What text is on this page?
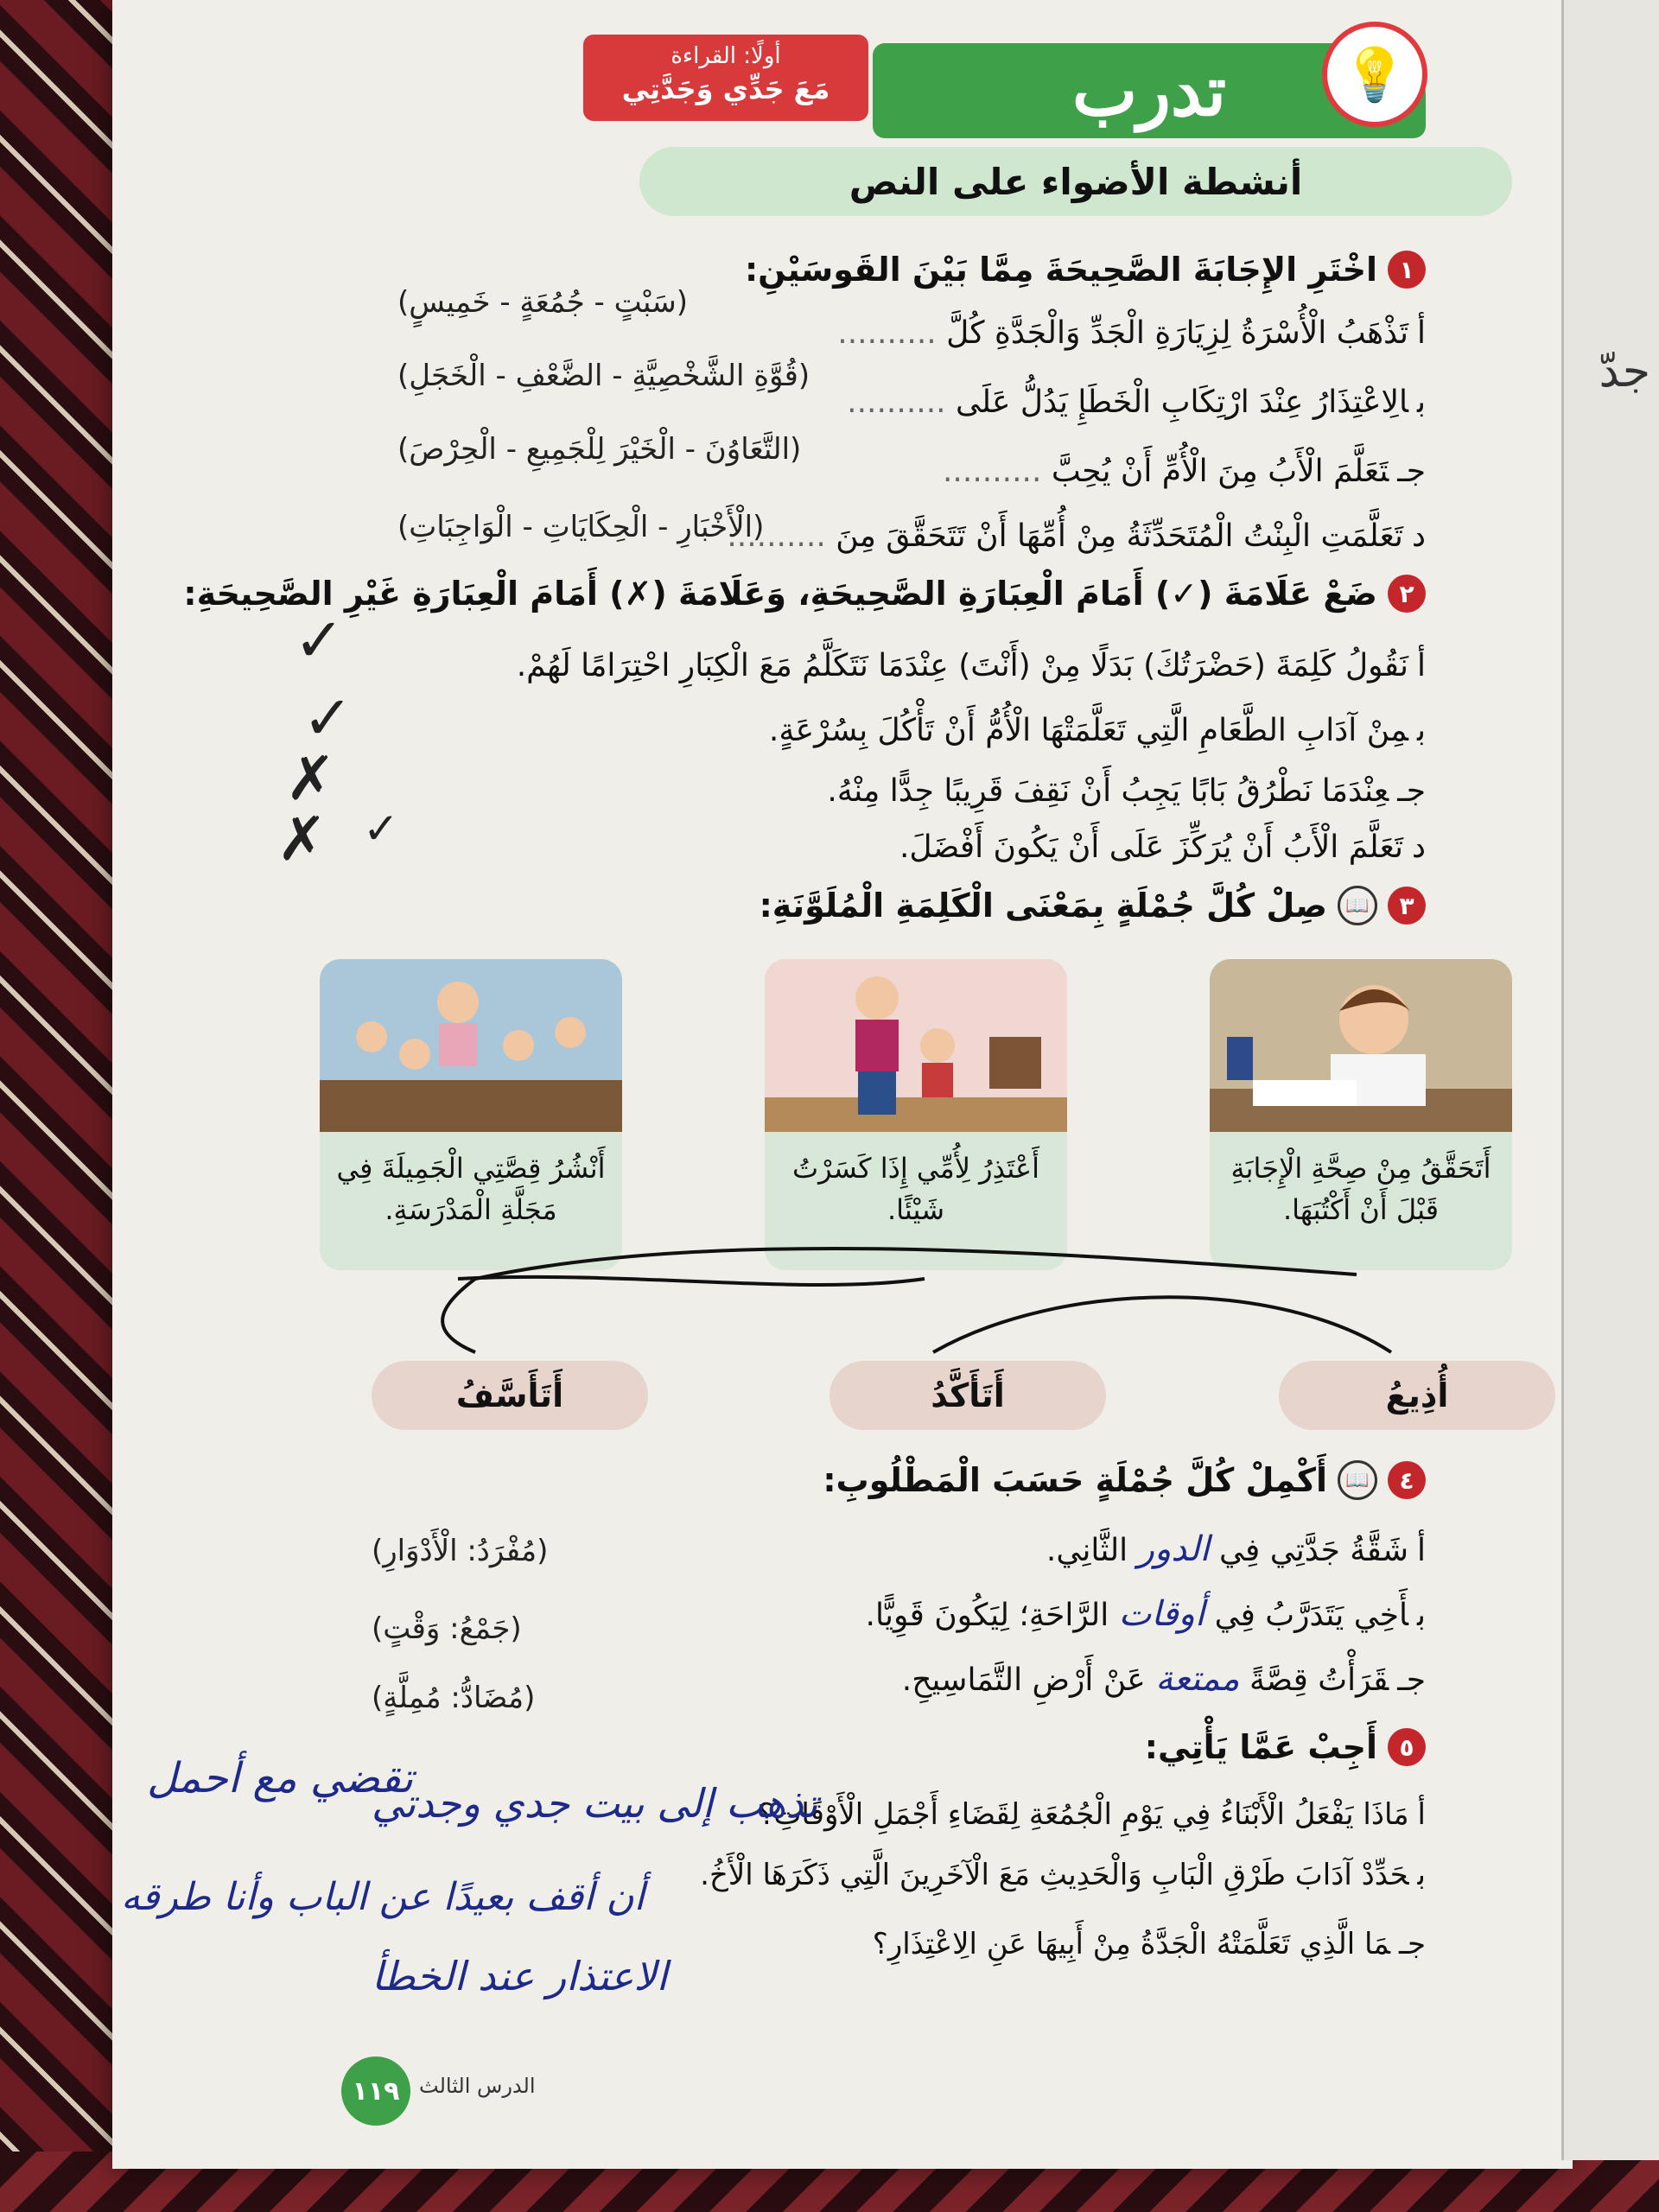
أولًا: القراءة
مَعَ جَدِّي وَجَدَّتِي	تدرب	💡
أنشطة الأضواء على النص
١
اخْتَرِ الإِجَابَةَ الصَّحِيحَةَ مِمَّا بَيْنَ القَوسَيْنِ:
أتَذْهَبُ الْأُسْرَةُ لِزِيَارَةِ الْجَدِّ وَالْجَدَّةِ كُلَّ ..........
(سَبْتٍ - جُمُعَةٍ - خَمِيسٍ)
بالِاعْتِذَارُ عِنْدَ ارْتِكَابِ الْخَطَإِ يَدُلُّ عَلَى ..........
(قُوَّةِ الشَّخْصِيَّةِ - الضَّعْفِ - الْخَجَلِ)
جـتَعَلَّمَ الْأَبُ مِنَ الْأُمِّ أَنْ يُحِبَّ ..........
(التَّعَاوُنَ - الْخَيْرَ لِلْجَمِيعِ - الْحِرْصَ)
دتَعَلَّمَتِ الْبِنْتُ الْمُتَحَدِّثَةُ مِنْ أُمِّهَا أَنْ تَتَحَقَّقَ مِنَ ..........
(الْأَخْبَارِ - الْحِكَايَاتِ - الْوَاجِبَاتِ)
٢
ضَعْ عَلَامَةَ (✓) أَمَامَ الْعِبَارَةِ الصَّحِيحَةِ، وَعَلَامَةَ (✗) أَمَامَ الْعِبَارَةِ غَيْرِ الصَّحِيحَةِ:
أنَقُولُ كَلِمَةَ (حَضْرَتُكَ) بَدَلًا مِنْ (أَنْتَ) عِنْدَمَا نَتَكَلَّمُ مَعَ الْكِبَارِ احْتِرَامًا لَهُمْ.
بمِنْ آدَابِ الطَّعَامِ الَّتِي تَعَلَّمَتْهَا الْأُمُّ أَنْ تَأْكُلَ بِسُرْعَةٍ.
جـعِنْدَمَا نَطْرُقُ بَابًا يَجِبُ أَنْ نَقِفَ قَرِيبًا جِدًّا مِنْهُ.
دتَعَلَّمَ الْأَبُ أَنْ يُرَكِّزَ عَلَى أَنْ يَكُونَ أَفْضَلَ.
✓
✓
✗
✗ ✓
٣
📖
صِلْ كُلَّ جُمْلَةٍ بِمَعْنَى الْكَلِمَةِ الْمُلَوَّنَةِ:
أَتَحَقَّقُ مِنْ صِحَّةِ الْإِجَابَةِ قَبْلَ أَنْ أَكْتُبَهَا.
أَعْتَذِرُ لِأُمِّي إِذَا كَسَرْتُ شَيْئًا.
أَنْشُرُ قِصَّتِي الْجَمِيلَةَ فِي مَجَلَّةِ الْمَدْرَسَةِ.
أُذِيعُ
أَتَأَكَّدُ
أَتَأَسَّفُ
٤
📖
أَكْمِلْ كُلَّ جُمْلَةٍ حَسَبَ الْمَطْلُوبِ:
أشَقَّةُ جَدَّتِي فِي الدور الثَّانِي.
(مُفْرَدُ: الْأَدْوَارِ)
بأَخِي يَتَدَرَّبُ فِي أوقات الرَّاحَةِ؛ لِيَكُونَ قَوِيًّا.
(جَمْعُ: وَقْتٍ)
جـقَرَأْتُ قِصَّةً ممتعة عَنْ أَرْضِ التَّمَاسِيحِ.
(مُضَادُّ: مُمِلَّةٍ)
٥
أَجِبْ عَمَّا يَأْتِي:
أمَاذَا يَفْعَلُ الْأَبْنَاءُ فِي يَوْمِ الْجُمُعَةِ لِقَضَاءِ أَجْمَلِ الْأَوْقَاتِ؟
تذهب إلى بيت جدي وجدتي
بحَدِّدْ آدَابَ طَرْقِ الْبَابِ وَالْحَدِيثِ مَعَ الْآخَرِينَ الَّتِي ذَكَرَهَا الْأَخُ.
أن أقف بعيدًا عن الباب وأنا طرقه
جـمَا الَّذِي تَعَلَّمَتْهُ الْجَدَّةُ مِنْ أَبِيهَا عَنِ الِاعْتِذَارِ؟
الاعتذار عند الخطأ
تقضي مع أحمل
١١٩ الدرس الثالث
جدّ
